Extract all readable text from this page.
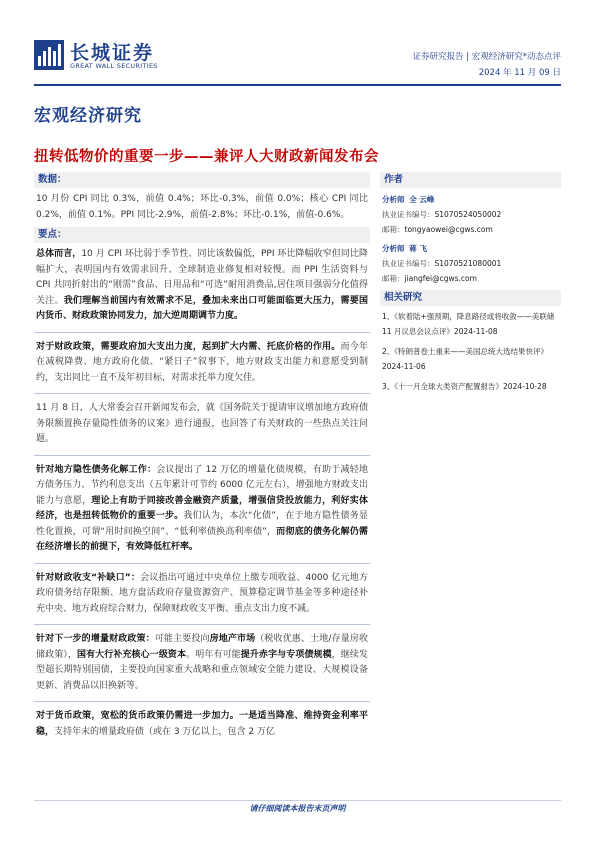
长城证券
GREAT WALL SECURITIES
证券研究报告 | 宏观经济研究*动态点评
2024 年 11 月 09 日
宏观经济研究
扭转低物价的重要一步——兼评人大财政新闻发布会
数据：
10 月份 CPI 同比 0.3%，前值 0.4%；环比-0.3%，前值 0.0%；核心 CPI 同比 0.2%，前值 0.1%。PPI 同比-2.9%，前值-2.8%；环比-0.1%，前值-0.6%。
要点：
总体而言，10 月 CPI 环比弱于季节性、同比该数偏低，PPI 环比降幅收窄但同比降幅扩大，表明国内有效需求回升、全球制造业修复相对较慢。而 PPI 生活资料与 CPI 共同折射出的“刚需”食品、日用品和“可选”耐用消费品,居住项目强弱分化值得关注。我们理解当前国内有效需求不足，叠加未来出口可能面临更大压力，需要国内货币、财政政策协同发力，加大逆周期调节力度。
对于财政政策，需要政府加大支出力度，起到扩大内需、托底价格的作用。而今年在减税降费、地方政府化债、“紧日子”叙事下，地方财政支出能力和意愿受到制约，支出同比一直不及年初目标，对需求托举力度欠佳。
11 月 8 日，人大常委会召开新闻发布会，就《国务院关于提请审议增加地方政府债务限额置换存量隐性债务的议案》进行通报，也回答了有关财政的一些热点关注问题。
针对地方隐性债务化解工作：会议提出了 12 万亿的增量化债规模，有助于减轻地方债务压力、节约利息支出（五年累计可节约 6000 亿元左右），增强地方财政支出能力与意愿，理论上有助于同接改善金融资产质量，增强信贷投放能力，利好实体经济，也是扭转低物价的重要一步。我们认为，本次“化债”，在于地方隐性债务显性化置换，可谓“用时间换空间”、“低利率债换高利率债”，而彻底的债务化解仍需在经济增长的前提下，有效降低杠杆率。
针对财政收支“补缺口”：会议指出可通过中央单位上缴专项收益、4000 亿元地方政府债务结存限额、地方盘活政府存量资源资产、预算稳定调节基金等多种途径补充中央、地方政府综合财力，保障财政收支平衡、重点支出力度不减。
针对下一步的增量财政政策：可能主要投向房地产市场（税收优惠、土地/存量房收储政策），国有大行补充核心一级资本。明年有可能提升赤字与专项债规模，继续发型超长期特别国债，主要投向国家重大战略和重点领域安全能力建设、大规模设备更新、消费品以旧换新等。
对于货币政策，宽松的货币政策仍需进一步加力。一是适当降准、维持资金利率平稳，支持年末的增量政府债（或在 3 万亿以上，包含 2 万亿
作者
分析师 全 云峰
执业证书编号：S1070524050002
邮箱：tongyaowei@cgws.com
分析师 蒋 飞
执业证书编号：S1070521080001
邮箱：jiangfei@cgws.com
相关研究
1、《软着陆+强预期，降息路径或将收敛——美联储 11 月议息会议点评》2024-11-08
2、《特朗普卷土重来——美国总统大选结果快评》2024-11-06
3、《十一月全球大类资产配置报告》2024-10-28
请仔细阅读本报告末页声明
